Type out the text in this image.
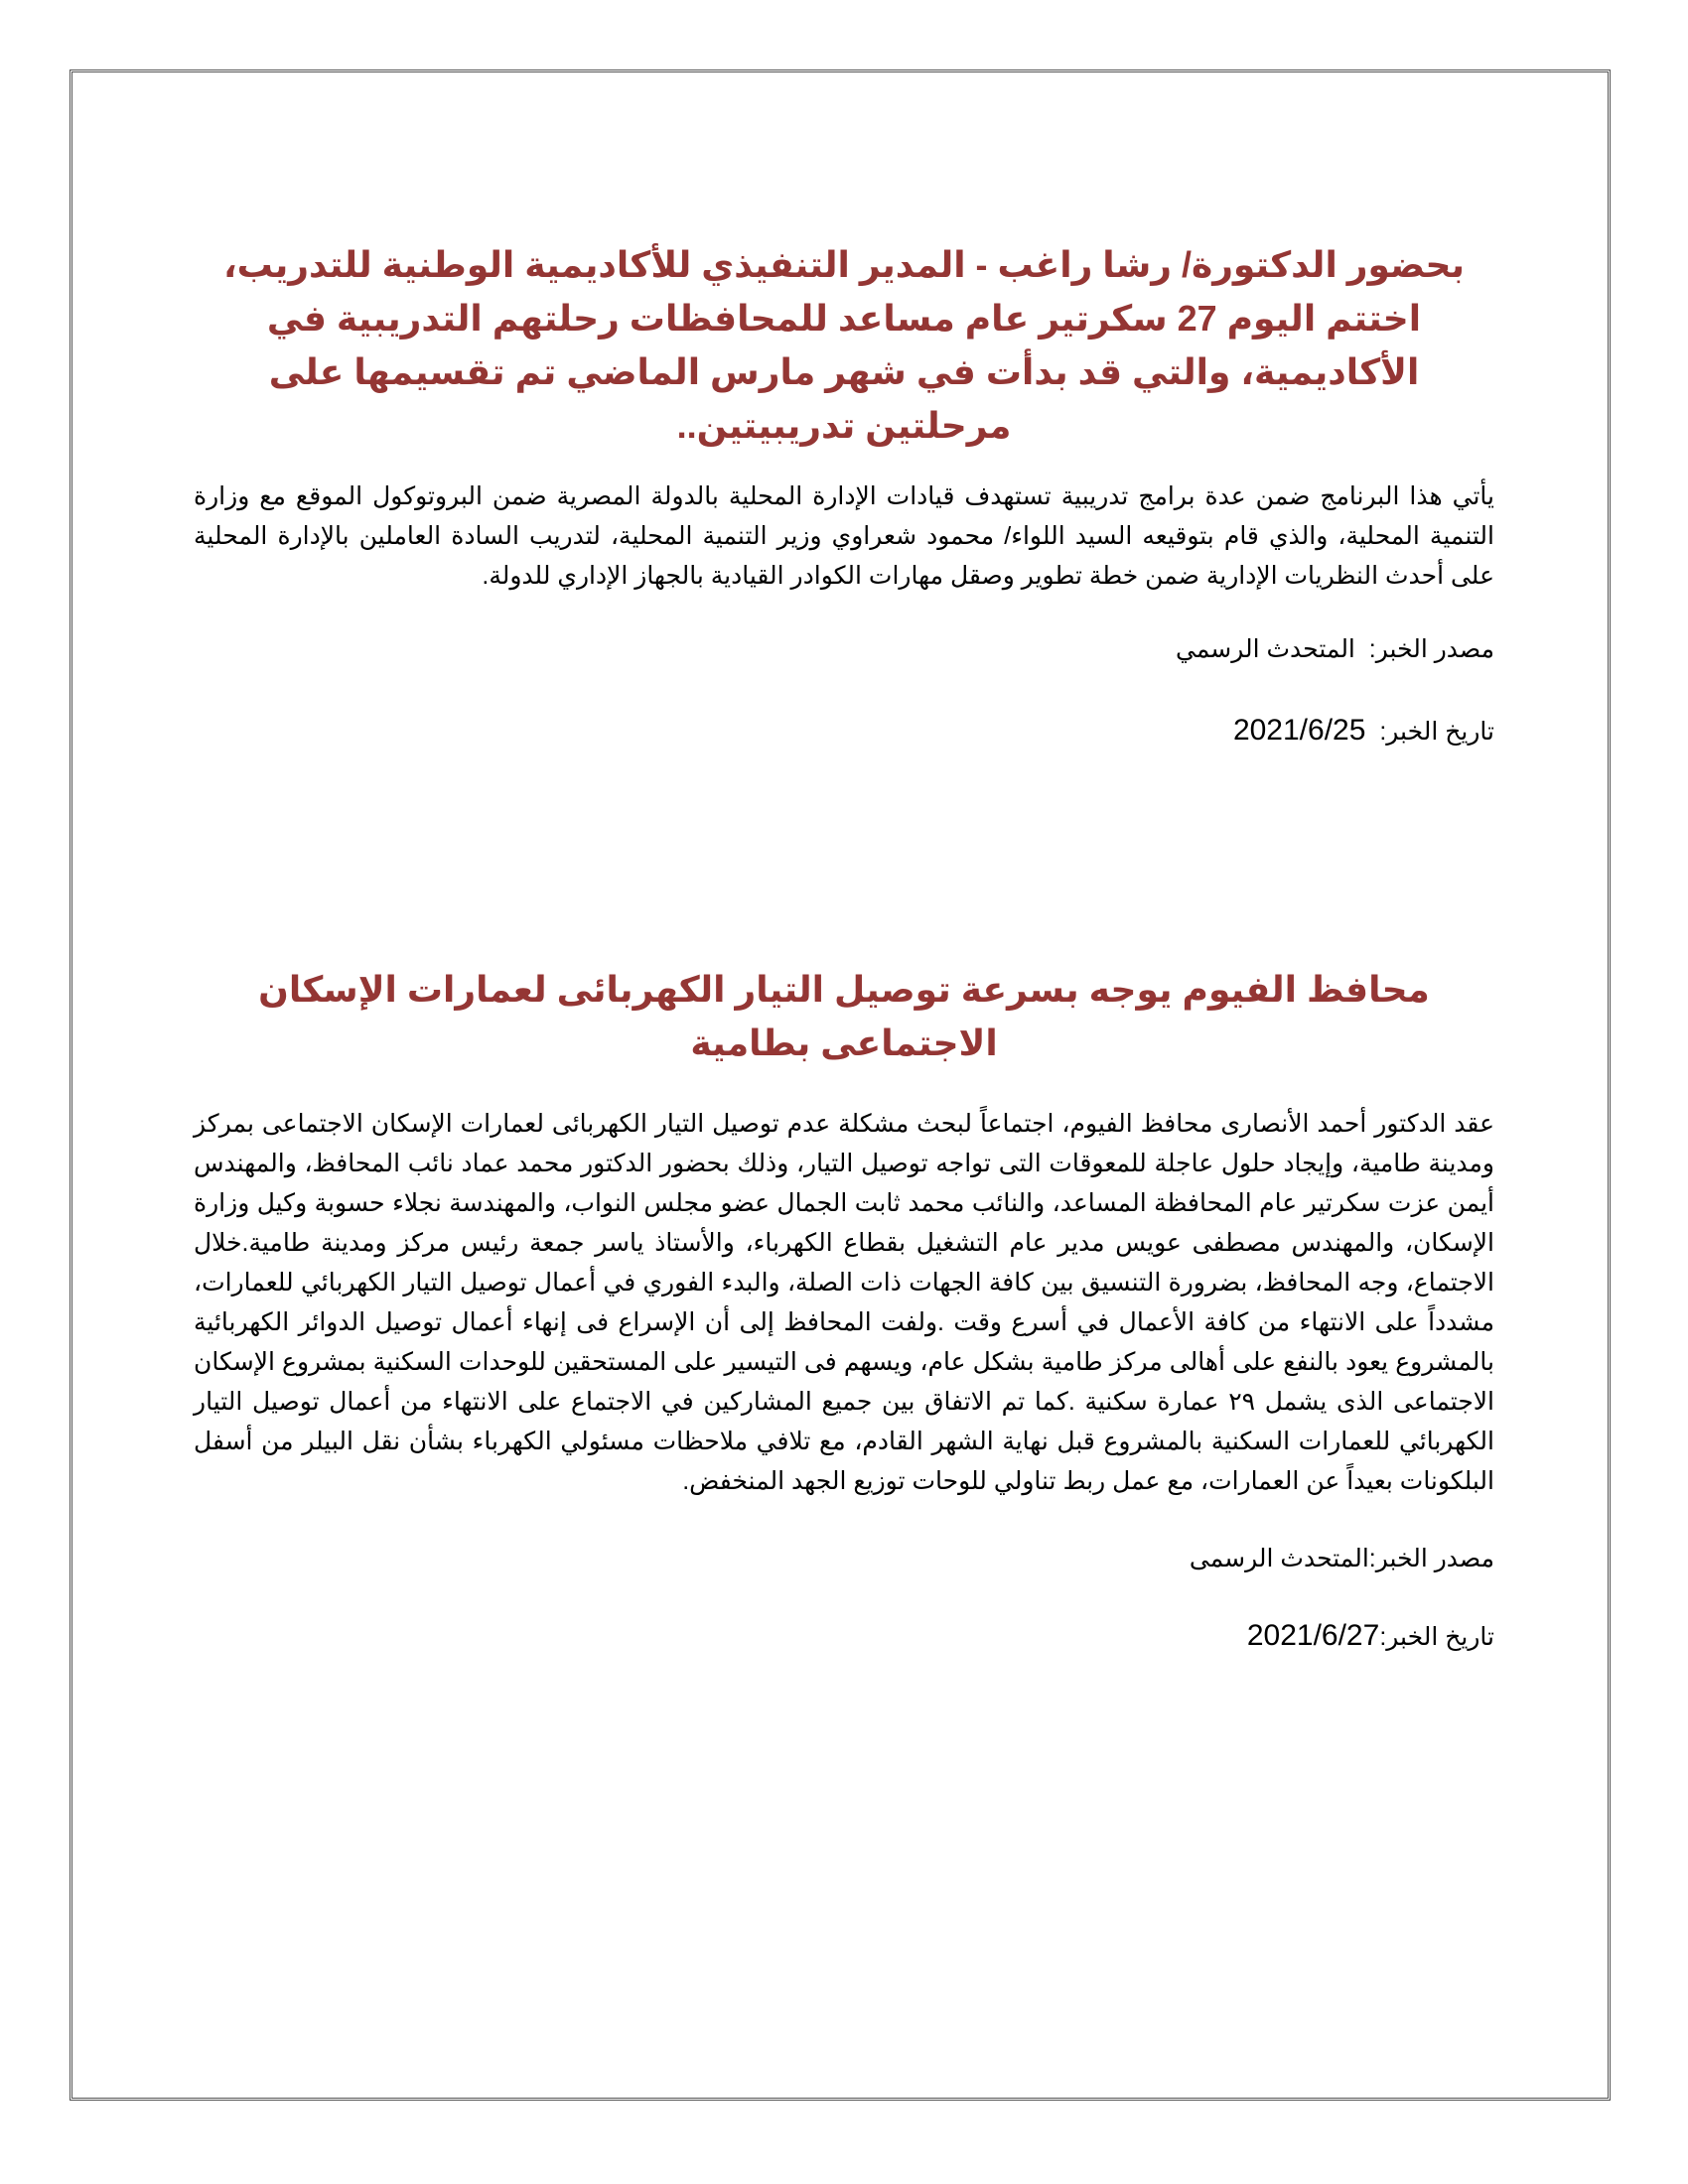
بحضور الدكتورة/ رشا راغب - المدير التنفيذي للأكاديمية الوطنية للتدريب، اختتم اليوم 27 سكرتير عام مساعد للمحافظات رحلتهم التدريبية في الأكاديمية، والتي قد بدأت في شهر مارس الماضي تم تقسيمها على مرحلتين تدريبيتين..

يأتي هذا البرنامج ضمن عدة برامج تدريبية تستهدف قيادات الإدارة المحلية بالدولة المصرية ضمن البروتوكول الموقع مع وزارة التنمية المحلية، والذي قام بتوقيعه السيد اللواء/ محمود شعراوي وزير التنمية المحلية، لتدريب السادة العاملين بالإدارة المحلية على أحدث النظريات الإدارية ضمن خطة تطوير وصقل مهارات الكوادر القيادية بالجهاز الإداري للدولة.

مصدر الخبر:  المتحدث الرسمي

تاريخ الخبر:  2021/6/25

محافظ الفيوم يوجه بسرعة توصيل التيار الكهربائى لعمارات الإسكان الاجتماعى بطامية

عقد الدكتور أحمد الأنصارى محافظ الفيوم، اجتماعاً لبحث مشكلة عدم توصيل التيار الكهربائى لعمارات الإسكان الاجتماعى بمركز ومدينة طامية، وإيجاد حلول عاجلة للمعوقات التى تواجه توصيل التيار، وذلك بحضور الدكتور محمد عماد نائب المحافظ، والمهندس أيمن عزت سكرتير عام المحافظة المساعد، والنائب محمد ثابت الجمال عضو مجلس النواب، والمهندسة نجلاء حسوبة وكيل وزارة الإسكان، والمهندس مصطفى عويس مدير عام التشغيل بقطاع الكهرباء، والأستاذ ياسر جمعة رئيس مركز ومدينة طامية.خلال الاجتماع، وجه المحافظ، بضرورة التنسيق بين كافة الجهات ذات الصلة، والبدء الفوري في أعمال توصيل التيار الكهربائي للعمارات، مشدداً على الانتهاء من كافة الأعمال في أسرع وقت .ولفت المحافظ إلى أن الإسراع فى إنهاء أعمال توصيل الدوائر الكهربائية بالمشروع يعود بالنفع على أهالى مركز طامية بشكل عام، ويسهم فى التيسير على المستحقين للوحدات السكنية بمشروع الإسكان الاجتماعى الذى يشمل ٢٩ عمارة سكنية .كما تم الاتفاق بين جميع المشاركين في الاجتماع على الانتهاء من أعمال توصيل التيار الكهربائي للعمارات السكنية بالمشروع قبل نهاية الشهر القادم، مع تلافي ملاحظات مسئولي الكهرباء بشأن نقل البيلر من أسفل البلكونات بعيداً عن العمارات، مع عمل ربط تناولي للوحات توزيع الجهد المنخفض.

مصدر الخبر:المتحدث الرسمى

تاريخ الخبر:2021/6/27
